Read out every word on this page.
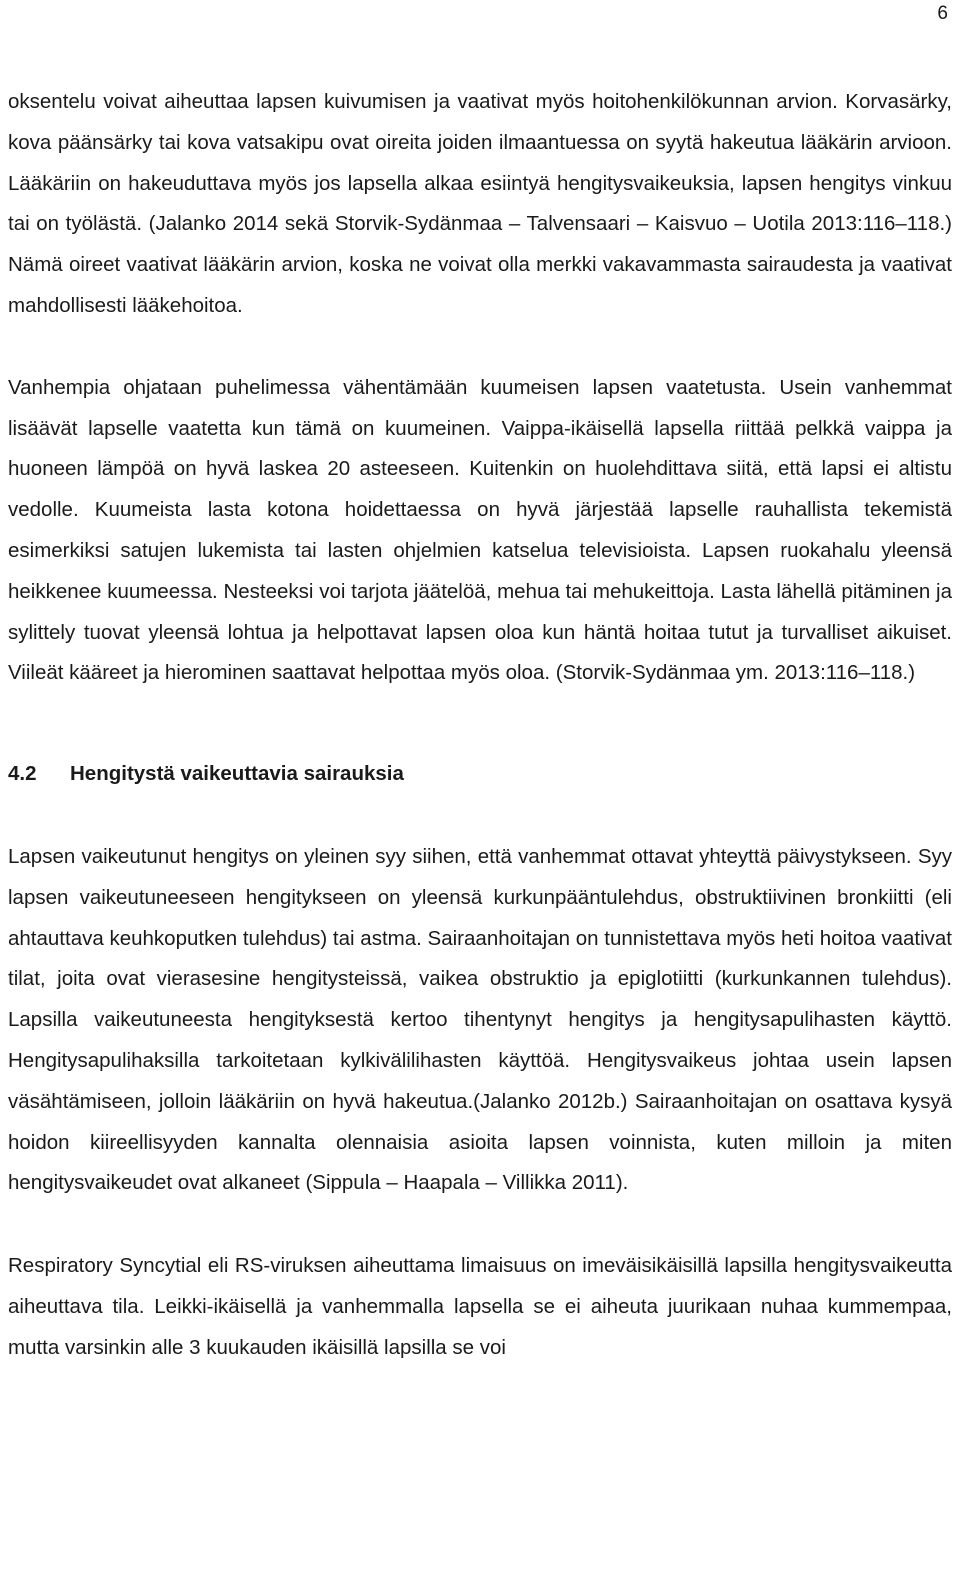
6

oksentelu voivat aiheuttaa lapsen kuivumisen ja vaativat myös hoitohenkilökunnan arvion. Korvasärky, kova päänsärky tai kova vatsakipu ovat oireita joiden ilmaantuessa on syytä hakeutua lääkärin arvioon. Lääkäriin on hakeuduttava myös jos lapsella alkaa esiintyä hengitysvaikeuksia, lapsen hengitys vinkuu tai on työlästä. (Jalanko 2014 sekä Storvik-Sydänmaa – Talvensaari – Kaisvuo – Uotila 2013:116–118.) Nämä oireet vaativat lääkärin arvion, koska ne voivat olla merkki vakavammasta sairaudesta ja vaativat mahdollisesti lääkehoitoa.

Vanhempia ohjataan puhelimessa vähentämään kuumeisen lapsen vaatetusta. Usein vanhemmat lisäävät lapselle vaatetta kun tämä on kuumeinen. Vaippa-ikäisellä lapsella riittää pelkkä vaippa ja huoneen lämpöä on hyvä laskea 20 asteeseen. Kuitenkin on huolehdittava siitä, että lapsi ei altistu vedolle. Kuumeista lasta kotona hoidettaessa on hyvä järjestää lapselle rauhallista tekemistä esimerkiksi satujen lukemista tai lasten ohjelmien katselua televisioista. Lapsen ruokahalu yleensä heikkenee kuumeessa. Nesteeksi voi tarjota jäätelöä, mehua tai mehukeittoja. Lasta lähellä pitäminen ja sylittely tuovat yleensä lohtua ja helpottavat lapsen oloa kun häntä hoitaa tutut ja turvalliset aikuiset. Viileät kääreet ja hierominen saattavat helpottaa myös oloa. (Storvik-Sydänmaa ym. 2013:116–118.)

4.2	Hengitystä vaikeuttavia sairauksia

Lapsen vaikeutunut hengitys on yleinen syy siihen, että vanhemmat ottavat yhteyttä päivystykseen. Syy lapsen vaikeutuneeseen hengitykseen on yleensä kurkunpääntulehdus, obstruktiivinen bronkiitti (eli ahtauttava keuhkoputken tulehdus) tai astma. Sairaanhoitajan on tunnistettava myös heti hoitoa vaativat tilat, joita ovat vierasesine hengitysteissä, vaikea obstruktio ja epiglotiitti (kurkunkannen tulehdus). Lapsilla vaikeutuneesta hengityksestä kertoo tihentynyt hengitys ja hengitysapulihasten käyttö. Hengitysapulihaksilla tarkoitetaan kylkivälilihasten käyttöä. Hengitysvaikeus johtaa usein lapsen väsähtämiseen, jolloin lääkäriin on hyvä hakeutua.(Jalanko 2012b.) Sairaanhoitajan on osattava kysyä hoidon kiireellisyyden kannalta olennaisia asioita lapsen voinnista, kuten milloin ja miten hengitysvaikeudet ovat alkaneet (Sippula – Haapala – Villikka 2011).

Respiratory Syncytial eli RS-viruksen aiheuttama limaisuus on imeväisikäisillä lapsilla hengitysvaikeutta aiheuttava tila. Leikki-ikäisellä ja vanhemmalla lapsella se ei aiheuta juurikaan nuhaa kummempaa, mutta varsinkin alle 3 kuukauden ikäisillä lapsilla se voi
